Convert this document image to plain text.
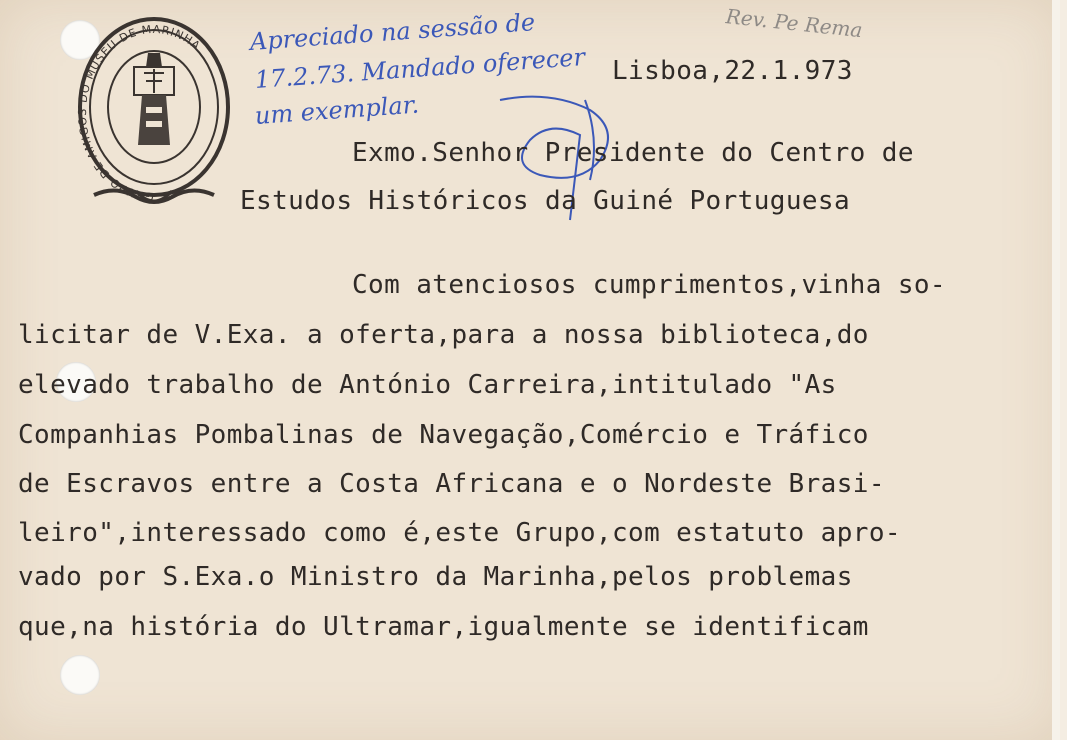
GRUPO DE AMIGOS DO MUSEU DE MARINHA Apreciado na sessão de
17.2.73. Mandado oferecer
um exemplar.
Rev. Pe Rema
Lisboa,22.1.973
Exmo.Senhor Presidente do Centro de
Estudos Históricos da Guiné Portuguesa
Com atenciosos cumprimentos,vinha so-
licitar de V.Exa. a oferta,para a nossa biblioteca,do
elevado trabalho de António Carreira,intitulado "As
Companhias Pombalinas de Navegação,Comércio e Tráfico
de Escravos entre a Costa Africana e o Nordeste Brasi-
leiro",interessado como é,este Grupo,com estatuto apro-
vado por S.Exa.o Ministro da Marinha,pelos problemas
que,na história do Ultramar,igualmente se identificam
